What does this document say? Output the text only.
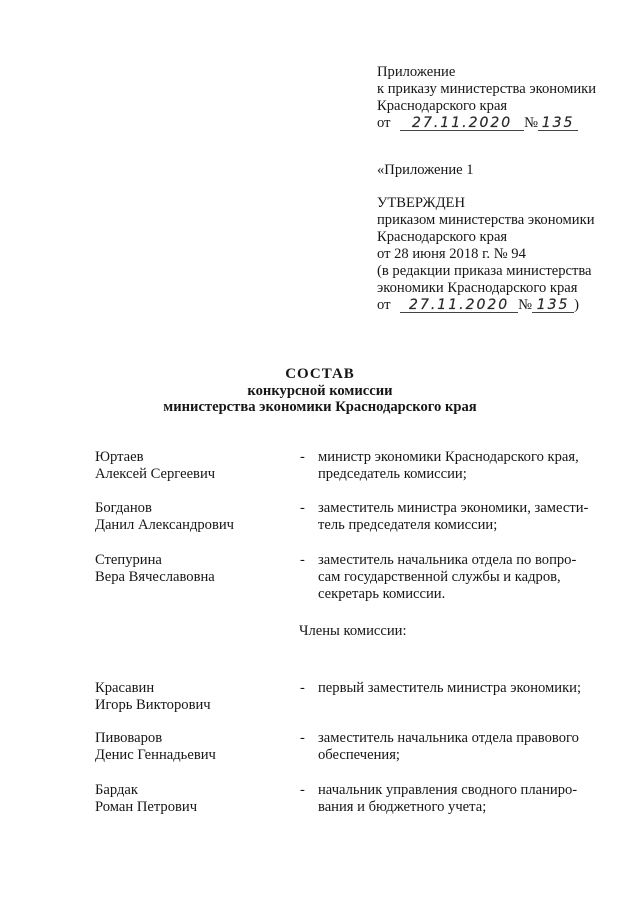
Приложение
к приказу министерства экономики
Краснодарского края
от 27.11.2020 № 135
«Приложение 1
УТВЕРЖДЕН
приказом министерства экономики
Краснодарского края
от 28 июня 2018 г. № 94
(в редакции приказа министерства
экономики Краснодарского края
от 27.11.2020 № 135 )
СОСТАВ
конкурсной комиссии
министерства экономики Краснодарского края
Юртаев
Алексей Сергеевич
- министр экономики Краснодарского края,
председатель комиссии;
Богданов
Данил Александрович
- заместитель министра экономики, замести-
тель председателя комиссии;
Степурина
Вера Вячеславовна
- заместитель начальника отдела по вопро-
сам государственной службы и кадров,
секретарь комиссии.
Члены комиссии:
Красавин
Игорь Викторович
- первый заместитель министра экономики;
Пивоваров
Денис Геннадьевич
- заместитель начальника отдела правового
обеспечения;
Бардак
Роман Петрович
- начальник управления сводного планиро-
вания и бюджетного учета;
